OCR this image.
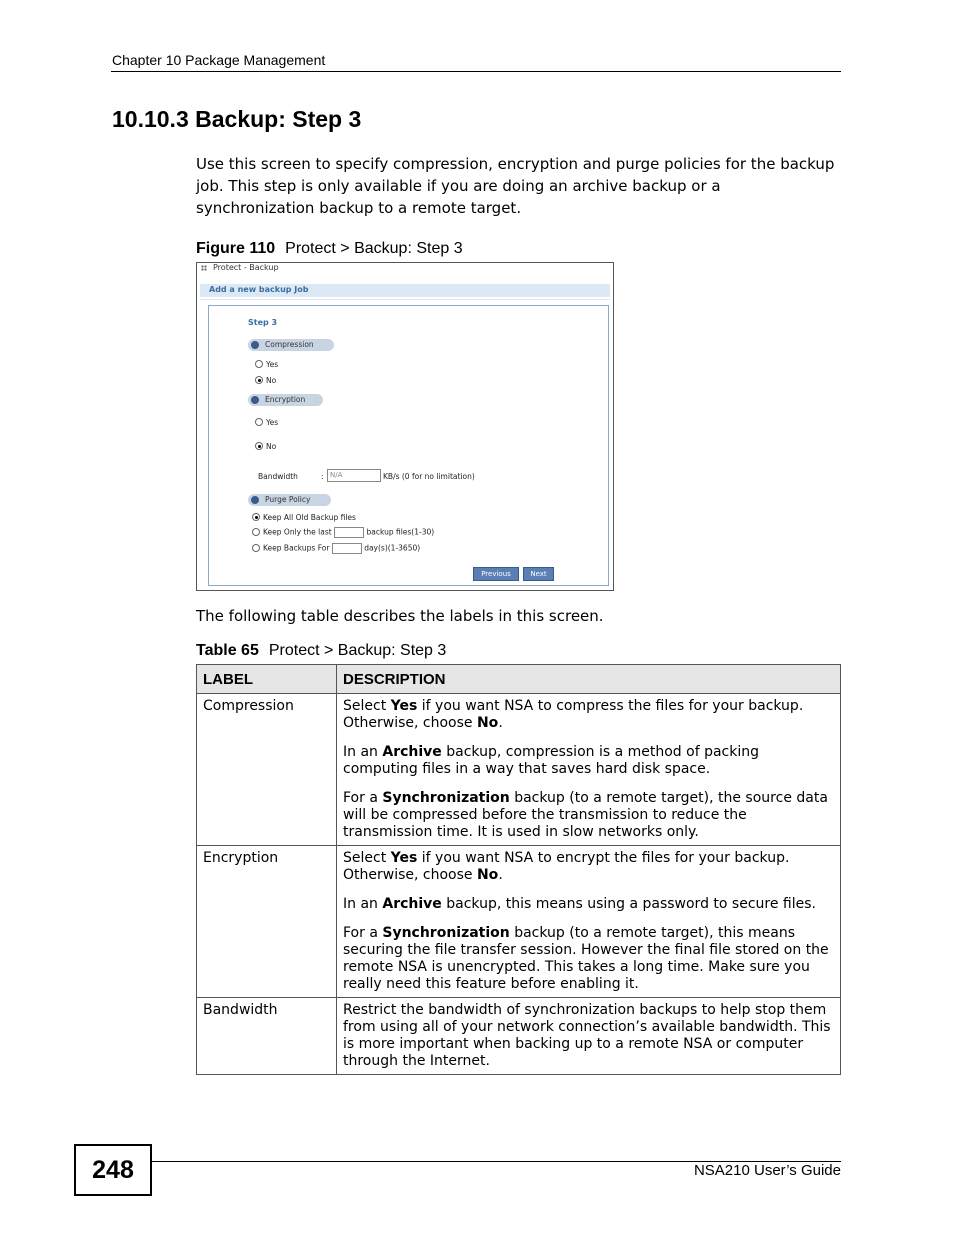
Chapter 10 Package Management
10.10.3 Backup: Step 3
Use this screen to specify compression, encryption and purge policies for the backup job. This step is only available if you are doing an archive backup or a synchronization backup to a remote target.
Figure 110 Protect > Backup: Step 3
Protect - Backup
Add a new backup Job
Step 3
Compression
Yes
No
Encryption
Yes
No
Bandwidth	: N/A	KB/s (0 for no limitation)
Purge Policy
Keep All Old Backup files
Keep Only the last	backup files(1-30)
Keep Backups For	day(s)(1-3650)
Previous	Next
The following table describes the labels in this screen.
Table 65 Protect > Backup: Step 3
LABEL	DESCRIPTION
Compression	Select Yes if you want NSA to compress the files for your backup. Otherwise, choose No.

In an Archive backup, compression is a method of packing computing files in a way that saves hard disk space.

For a Synchronization backup (to a remote target), the source data will be compressed before the transmission to reduce the transmission time. It is used in slow networks only.

Encryption	Select Yes if you want NSA to encrypt the files for your backup. Otherwise, choose No.

In an Archive backup, this means using a password to secure files.

For a Synchronization backup (to a remote target), this means securing the file transfer session. However the final file stored on the remote NSA is unencrypted. This takes a long time. Make sure you really need this feature before enabling it.

Bandwidth	Restrict the bandwidth of synchronization backups to help stop them from using all of your network connection’s available bandwidth. This is more important when backing up to a remote NSA or computer through the Internet.

248	NSA210 User’s Guide
